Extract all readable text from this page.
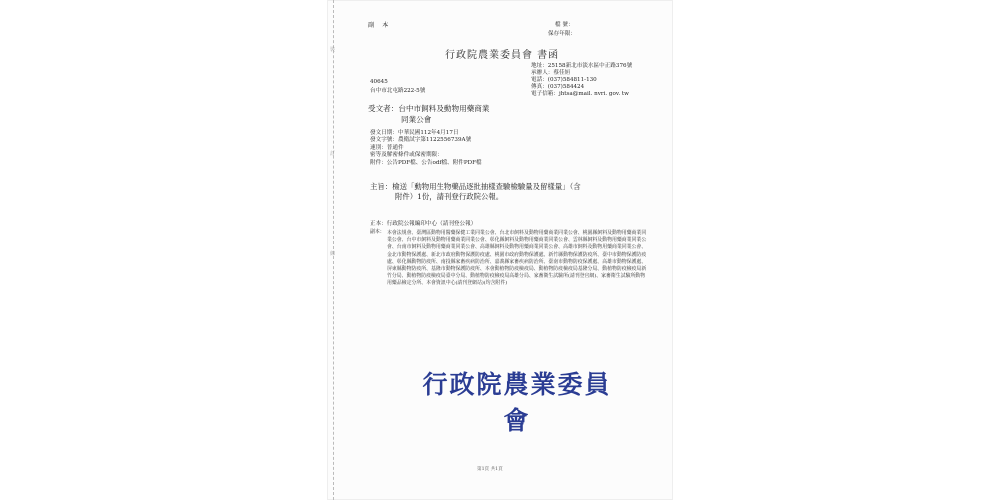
裝
訂
線
副 本	檔 號：
保存年限：
行政院農業委員會 書函
地址：25158新北市淡水區中正路376號
承辦人：蔡佳姮
電話：(037)584811-130
傳真：(037)584424
電子信箱：jhtsa@mail. nvri. gov. tw
40645
台中市北屯路222-5號
受文者：台中市飼料及動物用藥商業
同業公會
發文日期：中華民國112年4月17日
發文字號：農衛試字第1122556739A號
速別：普通件
密等及解密條件或保密期限：
附件：公告PDF檔、公告odf檔、附件PDF檔
主旨：檢送「動物用生物藥品逐批抽樣查驗檢驗量及留樣量」（含
附件）1份，請刊登行政院公報。
正本：行政院公報編印中心（請刊登公報）
副本： 本會法規會、臺灣區動物用醫藥保健工業同業公會、台北市飼料及動物用藥商業同業公會、桃園縣飼料及動物用藥商業同業公會、台中市飼料及動物用藥商業同業公會、彰化縣飼料及動物用藥商業同業公會、雲林縣飼料及動物用藥商業同業公會、台南市飼料及動物用藥商業同業公會、高雄縣飼料及動物用藥商業同業公會、高雄市飼料及動物用藥商業同業公會、金北市動物保護處、新北市政府動物保護防疫處、桃園市政府動物保護處、新竹縣動物保護防疫所、臺中市動物保護防疫處、彰化縣動物防疫所、南投縣家畜疾病防治所、嘉義縣家畜疾病防治所、臺南市動物防疫保護處、高雄市動物保護處、屏東縣動物防疫所、基隆市動物保護防疫所、本會動植物防疫檢疫局、動植物防疫檢疫局基隆分局、動植物防疫檢疫局新竹分局、動植物防疫檢疫局臺中分局、動植物防疫檢疫局高雄分局、家畜衛生試驗所(請刊登官網)、家畜衛生試驗所動物用藥品檢定分所、本會資訊中心(請刊登網站)(均含附件)
行政院農業委員會
第1頁 共1頁
